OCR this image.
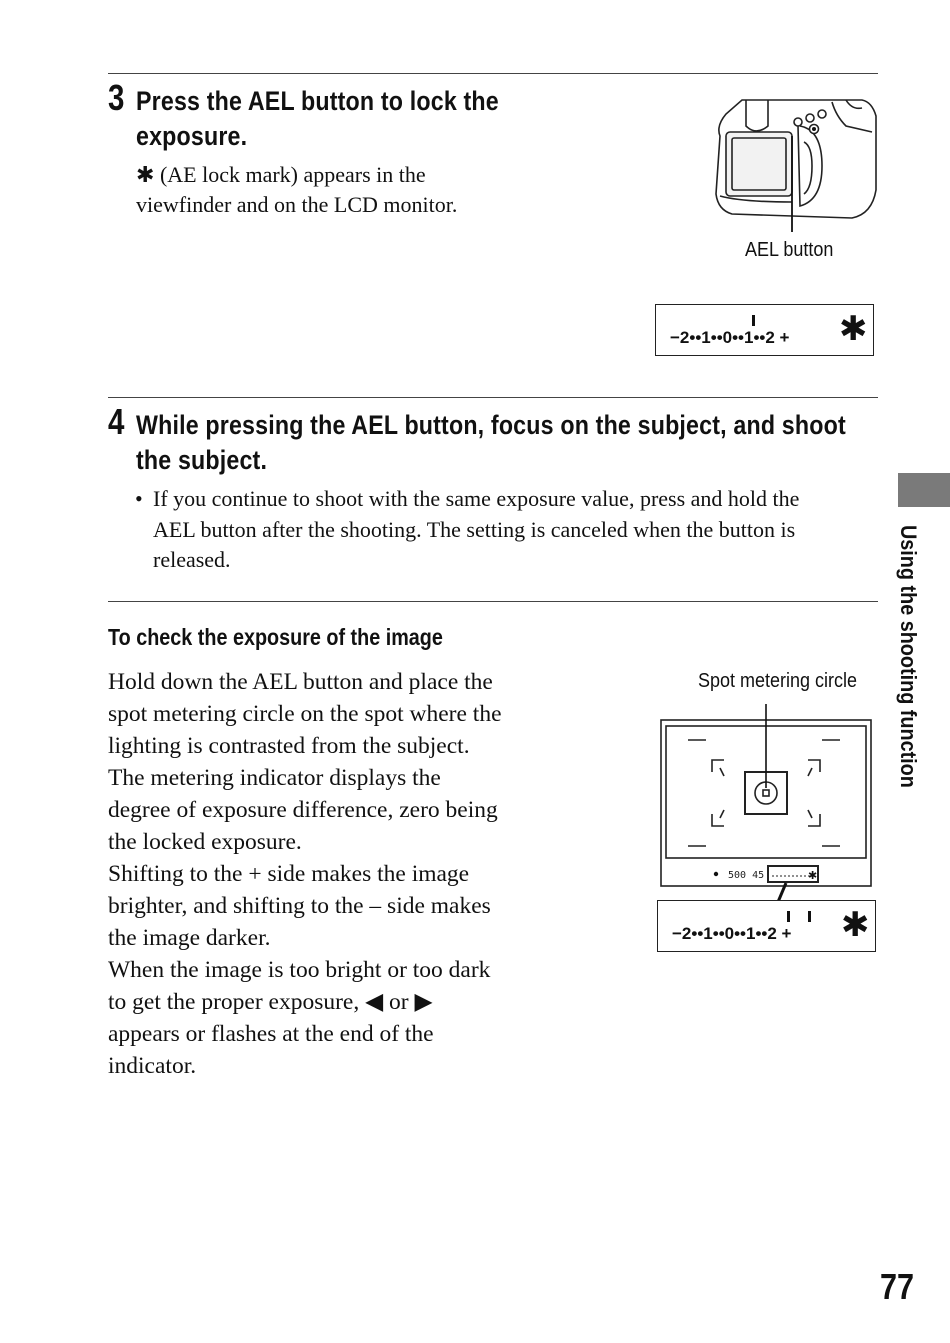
3 Press the AEL button to lock the
exposure.
✱ (AE lock mark) appears in the
viewfinder and on the LCD monitor.
AEL button
−2••1••0••1••2 + ✱
4 While pressing the AEL button, focus on the subject, and shoot
the subject.
• If you continue to shoot with the same exposure value, press and hold the
AEL button after the shooting. The setting is canceled when the button is
released.
To check the exposure of the image
Hold down the AEL button and place the
spot metering circle on the spot where the
lighting is contrasted from the subject.
The metering indicator displays the
degree of exposure difference, zero being
the locked exposure.
Shifting to the + side makes the image
brighter, and shifting to the – side makes
the image darker.
When the image is too bright or too dark
to get the proper exposure, ◀ or ▶
appears or flashes at the end of the
indicator.
Spot metering circle
500 45	✱
−2••1••0••1••2 + ✱
Using the shooting function
77
